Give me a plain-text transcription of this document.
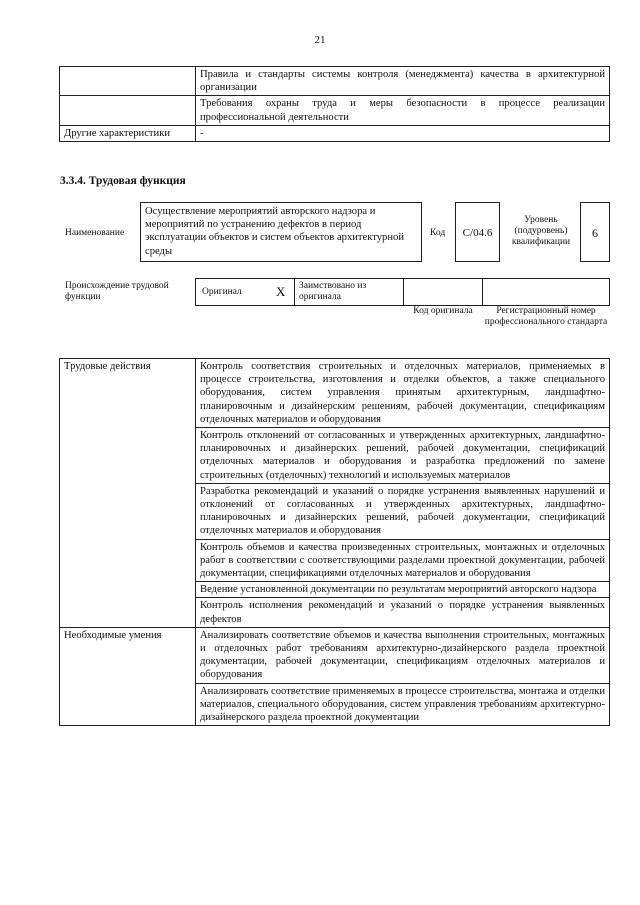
21
	Правила и стандарты системы контроля (менеджмента) качества в архитектурной организации
	Требования охраны труда и меры безопасности в процессе реализации профессиональной деятельности
Другие характеристики	-
3.3.4. Трудовая функция
Наименование
Осуществление мероприятий авторского надзора и мероприятий по устранению дефектов в период эксплуатации объектов и систем объектов архитектурной среды
Код	C/04.6
Уровень (подуровень) квалификации
6
Происхождение трудовой функции	Оригинал	X Заимствовано из оригинала
Код оригинала	Регистрационный номер профессионального стандарта
Трудовые действия	Контроль соответствия строительных и отделочных материалов, применяемых в процессе строительства, изготовления и отделки объектов, а также специального оборудования, систем управления принятым архитектурным, ландшафтно-планировочным и дизайнерским решениям, рабочей документации, спецификациям отделочных материалов и оборудования
	Контроль отклонений от согласованных и утвержденных архитектурных, ландшафтно-планировочных и дизайнерских решений, рабочей документации, спецификаций отделочных материалов и оборудования и разработка предложений по замене строительных (отделочных) технологий и используемых материалов
	Разработка рекомендаций и указаний о порядке устранения выявленных нарушений и отклонений от согласованных и утвержденных архитектурных, ландшафтно-планировочных и дизайнерских решений, рабочей документации, спецификаций отделочных материалов и оборудования
	Контроль объемов и качества произведенных строительных, монтажных и отделочных работ в соответствии с соответствующими разделами проектной документации, рабочей документации, спецификациями отделочных материалов и оборудования
	Ведение установленной документации по результатам мероприятий авторского надзора
	Контроль исполнения рекомендаций и указаний о порядке устранения выявленных дефектов
Необходимые умения	Анализировать соответствие объемов и качества выполнения строительных, монтажных и отделочных работ требованиям архитектурно-дизайнерского раздела проектной документации, рабочей документации, спецификациям отделочных материалов и оборудования
	Анализировать соответствие применяемых в процессе строительства, монтажа и отделки материалов, специального оборудования, систем управления требованиям архитектурно-дизайнерского раздела проектной документации
